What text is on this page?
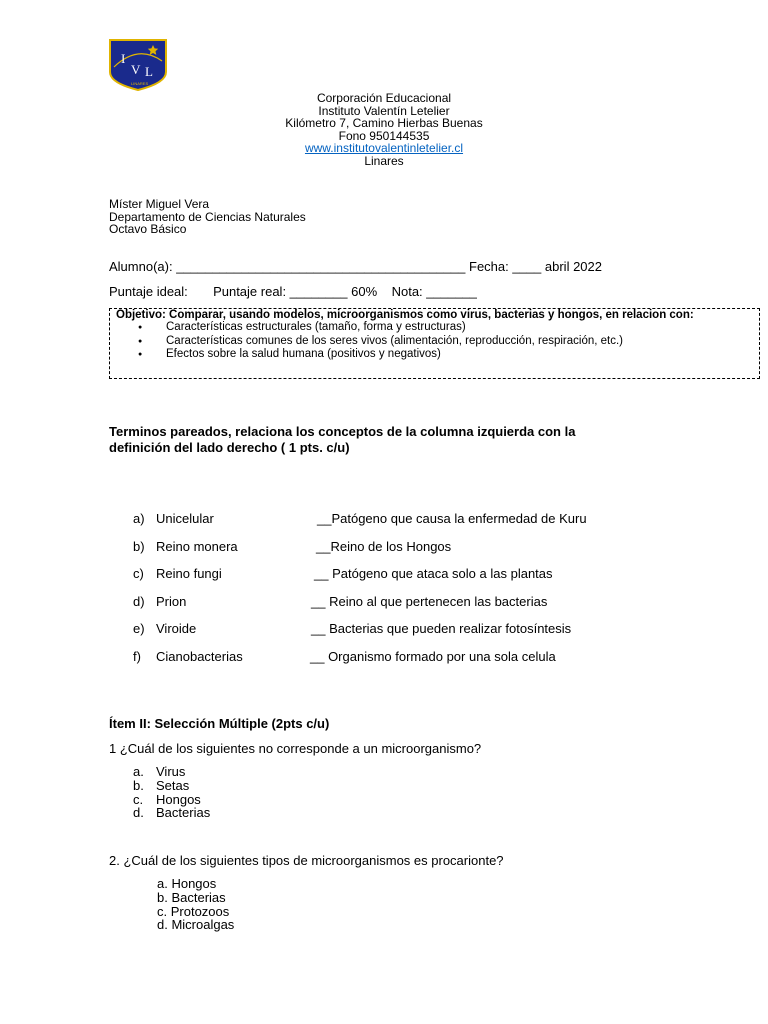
I
V L
LINARES
Corporación Educacional
Instituto Valentín Letelier
Kilómetro 7, Camino Hierbas Buenas
Fono 950144535
www.institutovalentinletelier.cl
Linares
Míster Miguel Vera
Departamento de Ciencias Naturales
Octavo Básico
Alumno(a): ________________________________________ Fecha: ____ abril 2022
Puntaje ideal:       Puntaje real: ________ 60%    Nota: _______
Objetivo: Comparar, usando modelos, microorganismos como virus, bacterias y hongos, en relacion con:
● Características estructurales (tamaño, forma y estructuras)
● Características comunes de los seres vivos (alimentación, reproducción, respiración, etc.)
● Efectos sobre la salud humana (positivos y negativos)
Terminos pareados, relaciona los conceptos de la columna izquierda con la
definición del lado derecho ( 1 pts. c/u)
a) Unicelular	__Patógeno que causa la enfermedad de Kuru
b) Reino monera	__Reino de los Hongos
c) Reino fungi	__ Patógeno que ataca solo a las plantas
d) Prion	__ Reino al que pertenecen las bacterias
e) Viroide	__ Bacterias que pueden realizar fotosíntesis
f) Cianobacterias	__ Organismo formado por una sola celula
Ítem II: Selección Múltiple (2pts c/u)
1 ¿Cuál de los siguientes no corresponde a un microorganismo?
a. Virus
b. Setas
c. Hongos
d. Bacterias
2. ¿Cuál de los siguientes tipos de microorganismos es procarionte?
a. Hongos
b. Bacterias
c. Protozoos
d. Microalgas
